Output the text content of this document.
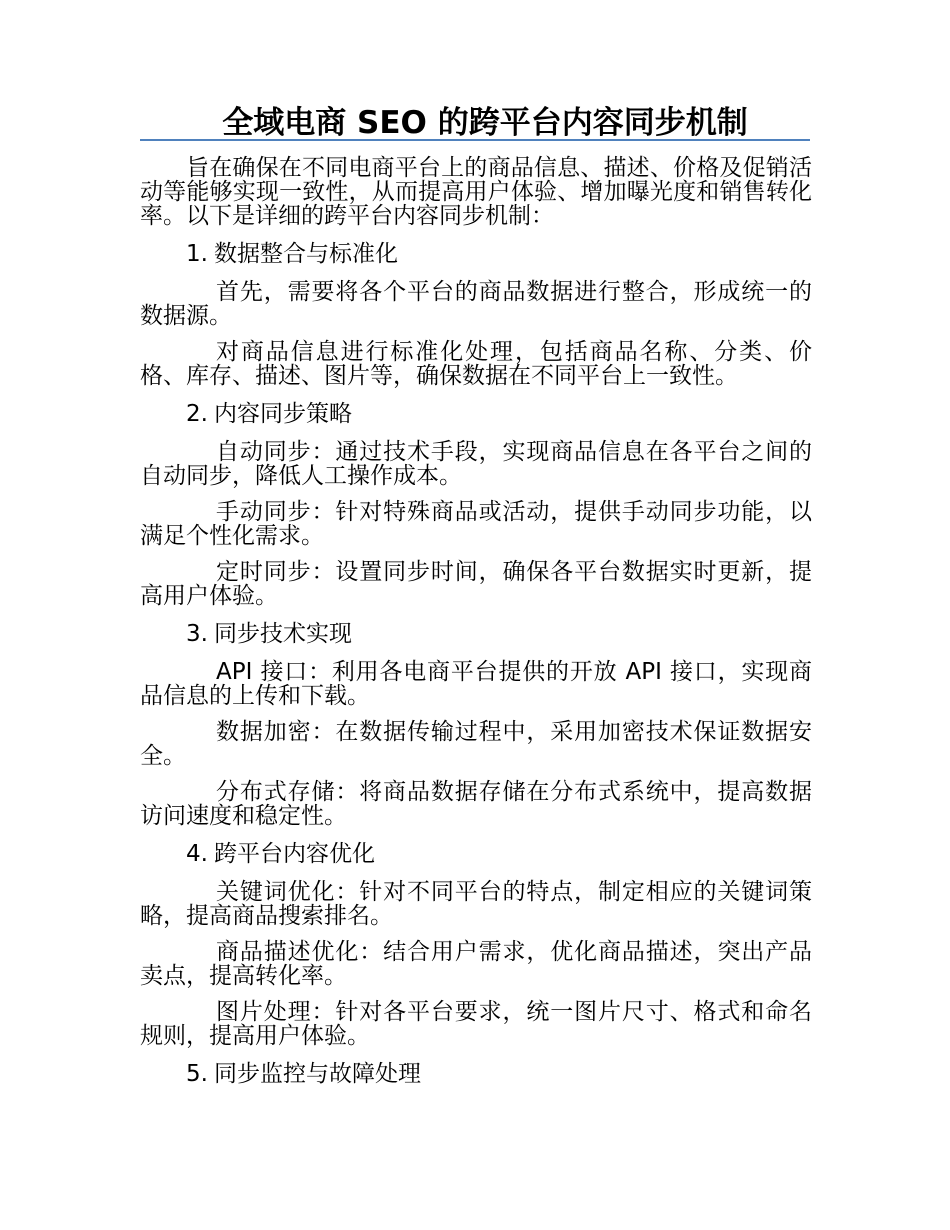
全域电商 SEO 的跨平台内容同步机制

旨在确保在不同电商平台上的商品信息、描述、价格及促销活动等能够实现一致性，从而提高用户体验、增加曝光度和销售转化率。以下是详细的跨平台内容同步机制：

1. 数据整合与标准化

首先，需要将各个平台的商品数据进行整合，形成统一的数据源。

对商品信息进行标准化处理，包括商品名称、分类、价格、库存、描述、图片等，确保数据在不同平台上一致性。

2. 内容同步策略

自动同步：通过技术手段，实现商品信息在各平台之间的自动同步，降低人工操作成本。

手动同步：针对特殊商品或活动，提供手动同步功能，以满足个性化需求。

定时同步：设置同步时间，确保各平台数据实时更新，提高用户体验。

3. 同步技术实现

API 接口：利用各电商平台提供的开放 API 接口，实现商品信息的上传和下载。

数据加密：在数据传输过程中，采用加密技术保证数据安全。

分布式存储：将商品数据存储在分布式系统中，提高数据访问速度和稳定性。

4. 跨平台内容优化

关键词优化：针对不同平台的特点，制定相应的关键词策略，提高商品搜索排名。

商品描述优化：结合用户需求，优化商品描述，突出产品卖点，提高转化率。

图片处理：针对各平台要求，统一图片尺寸、格式和命名规则，提高用户体验。

5. 同步监控与故障处理
